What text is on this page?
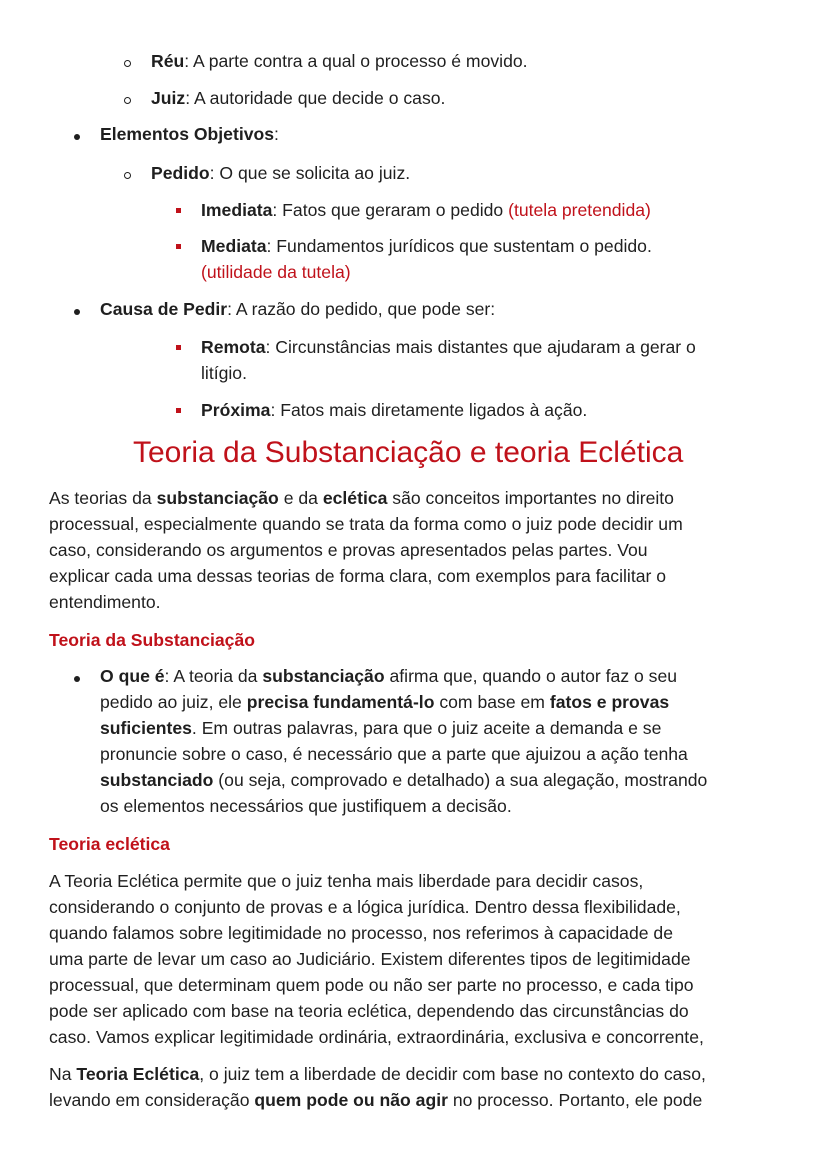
Réu: A parte contra a qual o processo é movido.
Juiz: A autoridade que decide o caso.
Elementos Objetivos:
Pedido: O que se solicita ao juiz.
Imediata: Fatos que geraram o pedido (tutela pretendida)
Mediata: Fundamentos jurídicos que sustentam o pedido.
(utilidade da tutela)
Causa de Pedir: A razão do pedido, que pode ser:
Remota: Circunstâncias mais distantes que ajudaram a gerar o
litígio.
Próxima: Fatos mais diretamente ligados à ação.
Teoria da Substanciação e teoria Eclética
As teorias da substanciação e da eclética são conceitos importantes no direito
processual, especialmente quando se trata da forma como o juiz pode decidir um
caso, considerando os argumentos e provas apresentados pelas partes. Vou
explicar cada uma dessas teorias de forma clara, com exemplos para facilitar o
entendimento.
Teoria da Substanciação
O que é: A teoria da substanciação afirma que, quando o autor faz o seu
pedido ao juiz, ele precisa fundamentá-lo com base em fatos e provas
suficientes. Em outras palavras, para que o juiz aceite a demanda e se
pronuncie sobre o caso, é necessário que a parte que ajuizou a ação tenha
substanciado (ou seja, comprovado e detalhado) a sua alegação, mostrando
os elementos necessários que justifiquem a decisão.
Teoria eclética
A Teoria Eclética permite que o juiz tenha mais liberdade para decidir casos,
considerando o conjunto de provas e a lógica jurídica. Dentro dessa flexibilidade,
quando falamos sobre legitimidade no processo, nos referimos à capacidade de
uma parte de levar um caso ao Judiciário. Existem diferentes tipos de legitimidade
processual, que determinam quem pode ou não ser parte no processo, e cada tipo
pode ser aplicado com base na teoria eclética, dependendo das circunstâncias do
caso. Vamos explicar legitimidade ordinária, extraordinária, exclusiva e concorrente,
Na Teoria Eclética, o juiz tem a liberdade de decidir com base no contexto do caso,
levando em consideração quem pode ou não agir no processo. Portanto, ele pode
